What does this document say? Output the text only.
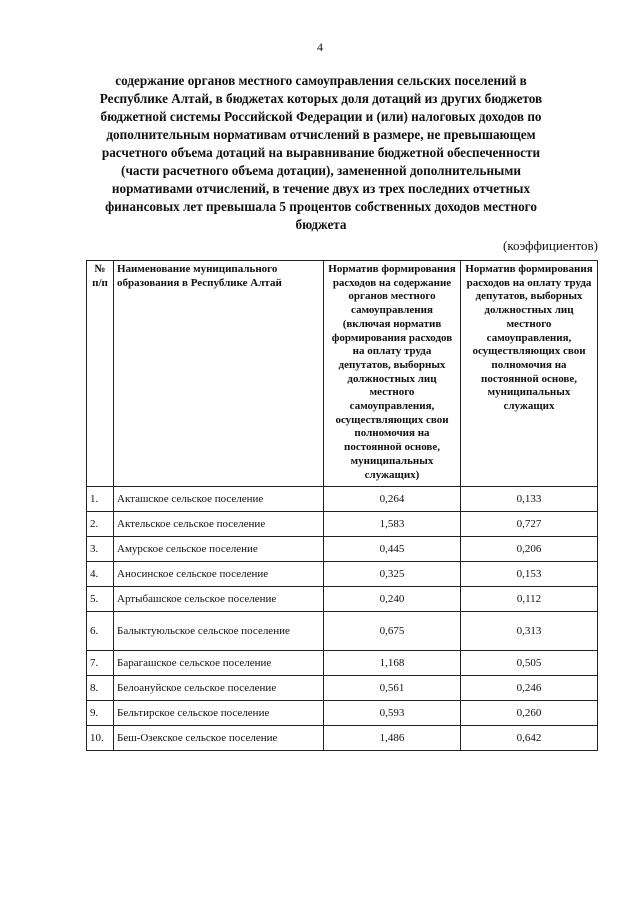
4
содержание органов местного самоуправления сельских поселений в Республике Алтай, в бюджетах которых доля дотаций из других бюджетов бюджетной системы Российской Федерации и (или) налоговых доходов по дополнительным нормативам отчислений в размере, не превышающем расчетного объема дотаций на выравнивание бюджетной обеспеченности (части расчетного объема дотации), замененной дополнительными нормативами отчислений, в течение двух из трех последних отчетных финансовых лет превышала 5 процентов собственных доходов местного бюджета
(коэффициентов)
№ п/п	Наименование муниципального образования в Республике Алтай	Норматив формирования расходов на содержание органов местного самоуправления (включая норматив формирования расходов на оплату труда депутатов, выборных должностных лиц местного самоуправления, осуществляющих свои полномочия на постоянной основе, муниципальных служащих)	Норматив формирования расходов на оплату труда депутатов, выборных должностных лиц местного самоуправления, осуществляющих свои полномочия на постоянной основе, муниципальных служащих
1.	Акташское сельское поселение	0,264	0,133
2.	Актельское сельское поселение	1,583	0,727
3.	Амурское сельское поселение	0,445	0,206
4.	Аносинское сельское поселение	0,325	0,153
5.	Артыбашское сельское поселение	0,240	0,112
6.	Балыктуюльское сельское поселение	0,675	0,313
7.	Барагашское сельское поселение	1,168	0,505
8.	Белоануйское сельское поселение	0,561	0,246
9.	Бельтирское сельское поселение	0,593	0,260
10.	Беш-Озекское сельское поселение	1,486	0,642
